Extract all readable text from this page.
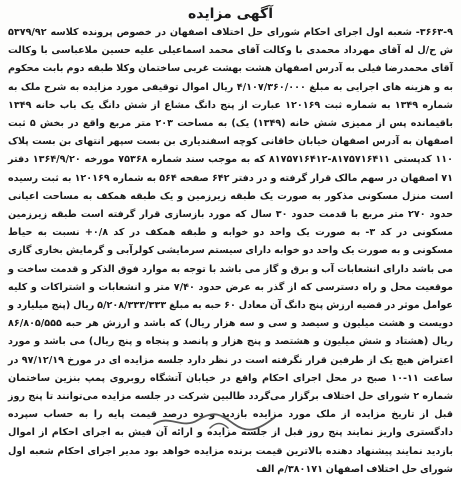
آگهی مزایده

۳۶۶۳-۹- شعبه اول اجرای احکام شورای حل اختلاف اصفهان در خصوص پرونده کلاسه ۵۳۷۹/۹۲ ش ح/ل له آقای مهرداد محمدی با وکالت آقای محمد اسماعیلی علیه حسین ملاعباسی با وکالت آقای محمدرضا فیلی به آدرس اصفهان هشت بهشت غربی ساختمان وکلا طبقه دوم بابت محکوم به و هزینه های اجرایی به مبلغ ۴/۱۰۷/۳۶۰/۰۰۰ ریال اموال توقیفی مورد مزایده به شرح ملک به شماره ۱۳۴۹ به شماره ثبت ۱۲۰۱۶۹ عبارت از پنج دانگ مشاع از شش دانگ یک باب خانه ۱۳۴۹ باقیمانده پس از ممیزی شش خانه (۱۳۴۹) یک) به مساحت ۲۰۳ متر مربع واقع در بخش ۵ ثبت اصفهان به آدرس اصفهان خیابان خاقانی کوچه اسفندیاری بن بست سپهر انتهای بن بست پلاک ۱۱۰ کدپستی ۸۱۷۵۷۱۶۴۱۱-۸۱۷۵۷۱۶۴۱۲ که به موجب سند شماره ۷۵۳۶۸ مورخه ۱۳۶۴/۹/۲۰ دفتر ۷۱ اصفهان در سهم مالک قرار گرفته و در دفتر ۶۴۲ صفحه ۵۶۴ به شماره ۱۲۰۱۶۹ به ثبت رسیده است منزل مسکونی مذکور به صورت یک طبقه زیرزمین و یک طبقه همکف به مساحت اعیانی حدود ۲۷۰ متر مربع با قدمت حدود ۳۰ سال که مورد بازسازی قرار گرفته است طبقه زیرزمین مسکونی در کد ۳- به صورت یک واحد دو خوابه و طبقه همکف در کد ۰/۸+ نسبت به حیاط مسکونی و به صورت یک واحد دو خوابه دارای سیستم سرمایشی کولرآبی و گرمایش بخاری گازی می باشد دارای انشعابات آب و برق و گاز می باشد با توجه به موارد فوق الذکر و قدمت ساخت و موقعیت محل و راه دسترسی که از گذر به عرض حدود ۷/۴۰ متر و انشعابات و اشتراکات و کلیه عوامل موثر در قضیه ارزش پنج دانگ آن معادل ۶۰ حبه به مبلغ ۵/۲۰۸/۳۳۳/۳۳۳ ریال (پنج میلیارد و دویست و هشت میلیون و سیصد و سی و سه هزار ریال) که باشد و ارزش هر حبه ۸۶/۸۰۵/۵۵۵ ریال (هشتاد و شش میلیون و هشتصد و پنج هزار و پانصد و پنجاه و پنج ریال) می باشد و مورد اعتراض هیچ یک از طرفین قرار نگرفته است در نظر دارد جلسه مزایده ای در مورخ ۹۷/۱۲/۱۹ در ساعت ۱۱-۱۰ صبح در محل اجرای احکام واقع در خیابان آتشگاه روبروی پمپ بنزین ساختمان شماره ۲ شورای حل اختلاف برگزار می‌گردد طالبین شرکت در جلسه مزایده می‌توانند تا پنج روز قبل از تاریخ مزایده از ملک مورد مزایده بازدید و ده درصد قیمت پایه را به حساب سپرده دادگستری واریز نمایند پنج روز قبل از جلسه مزایده و ارائه آن فیش به اجرای احکام از اموال بازدید نمایند پیشنهاد دهنده بالاترین قیمت برنده مزایده خواهد بود مدیر اجرای احکام شعبه اول شورای حل اختلاف اصفهان ۳۸۰۱۷۱/م الف
